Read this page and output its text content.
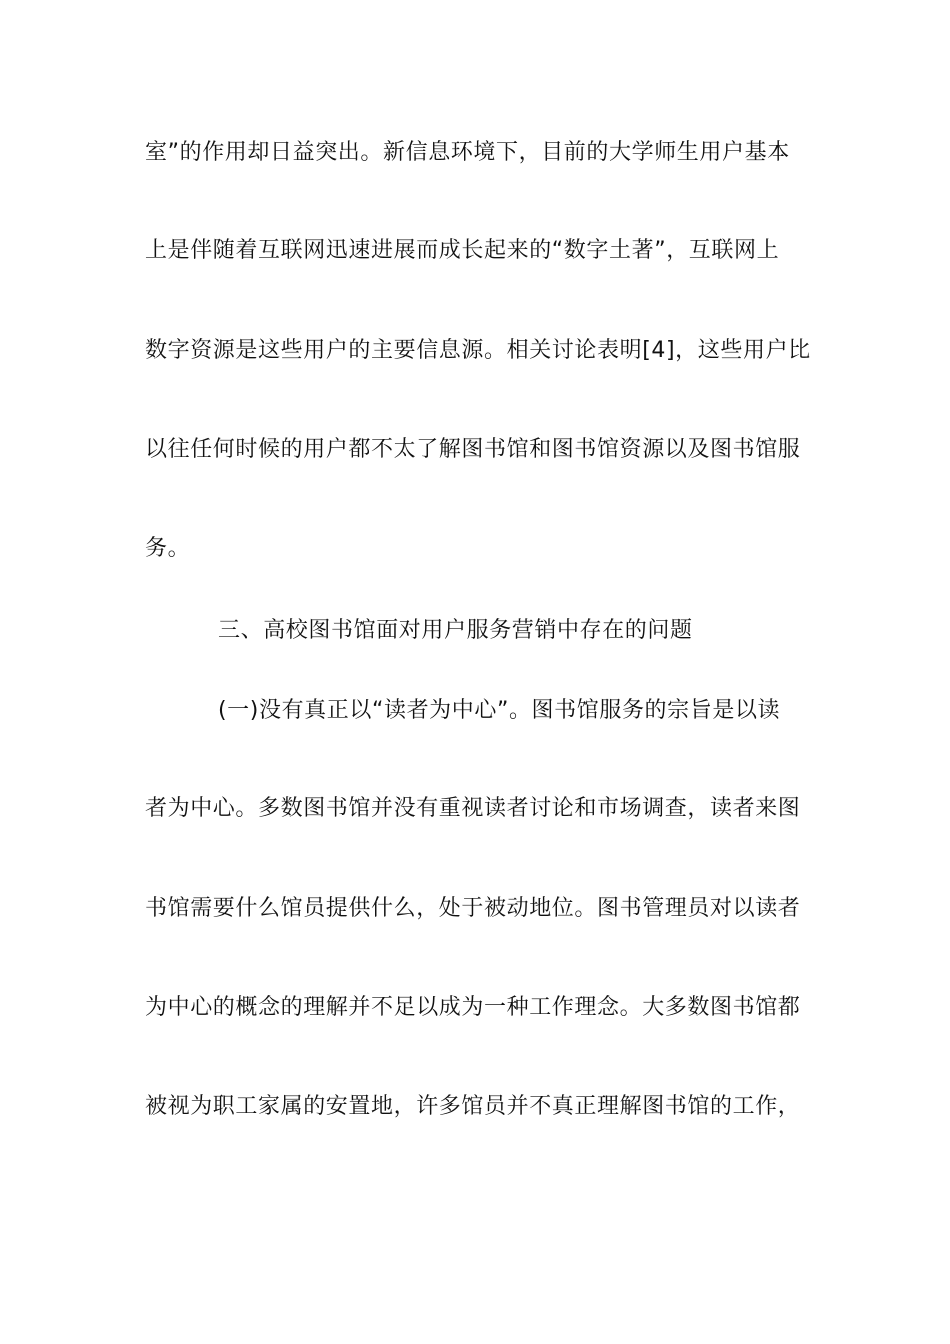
室”的作用却日益突出。新信息环境下，目前的大学师生用户基本
上是伴随着互联网迅速进展而成长起来的“数字土著”，互联网上
数字资源是这些用户的主要信息源。相关讨论表明[4]，这些用户比
以往任何时候的用户都不太了解图书馆和图书馆资源以及图书馆服
务。
三、高校图书馆面对用户服务营销中存在的问题
(一)没有真正以“读者为中心”。图书馆服务的宗旨是以读
者为中心。多数图书馆并没有重视读者讨论和市场调查，读者来图
书馆需要什么馆员提供什么，处于被动地位。图书管理员对以读者
为中心的概念的理解并不足以成为一种工作理念。大多数图书馆都
被视为职工家属的安置地，许多馆员并不真正理解图书馆的工作，
